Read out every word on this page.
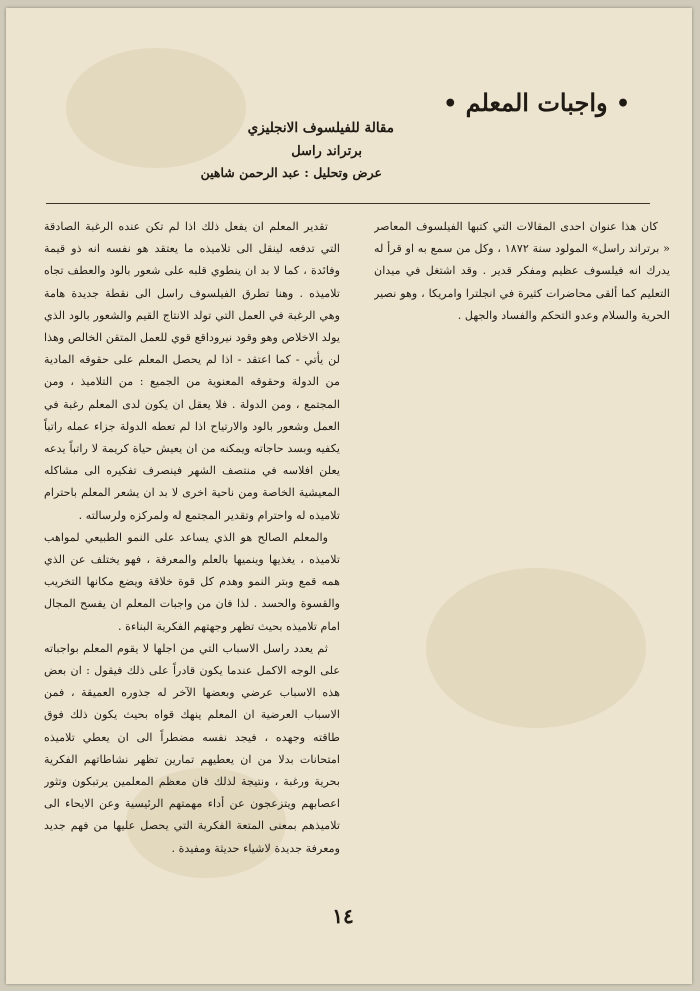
• واجبات المعلم •
مقالة للفيلسوف الانجليزي
برتراند راسل
عرض وتحليل : عبد الرحمن شاهين

كان هذا عنوان احدى المقالات التي كتبها الفيلسوف المعاصر « برتراند راسل» المولود سنة ١٨٧٢ ، وكل من سمع به او قرأ له يدرك انه فيلسوف عظيم ومفكر قدير . وقد اشتغل في ميدان التعليم كما ألقى محاضرات كثيرة في انجلترا وامريكا ، وهو نصير الحرية والسلام وعدو التحكم والفساد والجهل .

تقدير المعلم ان يفعل ذلك اذا لم تكن عنده الرغبة الصادقة التي تدفعه لينقل الى تلاميذه ما يعتقد هو نفسه انه ذو قيمة وفائدة ، كما لا بد ان ينطوي قلبه على شعور بالود والعطف تجاه تلاميذه . وهنا تطرق الفيلسوف راسل الى نقطة جديدة هامة وهي الرغبة في العمل التي تولد الانتاج القيم والشعور بالود الذي يولد الاخلاص وهو وقود نيروداقع قوي للعمل المتقن الخالص وهذا لن يأتي - كما اعتقد - اذا لم يحصل المعلم على حقوقه المادية من الدولة وحقوقه المعنوية من الجميع : من التلاميذ ، ومن المجتمع ، ومن الدولة . فلا يعقل ان يكون لدى المعلم رغبة في العمل وشعور بالود والارتياح اذا لم تعطه الدولة جزاء عمله راتباً يكفيه وبسد حاجاته ويمكنه من ان يعيش حياة كريمة لا راتباً يدعه يعلن افلاسه في منتصف الشهر فينصرف تفكيره الى مشاكله المعيشية الخاصة ومن ناحية اخرى لا بد ان يشعر المعلم باحترام تلاميذه له واحترام وتقدير المجتمع له ولمركزه ولرسالته .

والمعلم الصالح هو الذي يساعد على النمو الطبيعي لمواهب تلاميذه ، يغذيها وينميها بالعلم والمعرفة ، فهو يختلف عن الذي همه قمع وبتر النمو وهدم كل قوة خلاقة ويضع مكانها التخريب والقسوة والحسد . لذا فان من واجبات المعلم ان يفسح المجال امام تلاميذه بحيث تظهر وجهتهم الفكرية البناءة .

ثم يعدد راسل الاسباب التي من اجلها لا يقوم المعلم بواجباته على الوجه الاكمل عندما يكون قادراً على ذلك فيقول : ان بعض هذه الاسباب عرضي وبعضها الآخر له جذوره العميقة ، فمن الاسباب العرضية ان المعلم ينهك قواه بحيث يكون ذلك فوق طاقته وجهده ، فيجد نفسه مضطراً الى ان يعطي تلاميذه امتحانات بدلا من ان يعطيهم تمارين تظهر نشاطاتهم الفكرية بحرية ورغبة ، ونتيجة لذلك فان معظم المعلمين يرتبكون وتثور اعصابهم ويتزعجون عن أداء مهمتهم الرئيسية وعن الايحاء الى تلاميذهم بمعنى المتعة الفكرية التي يحصل عليها من فهم جديد ومعرفة جديدة لاشياء حديثة ومفيدة .

١٤
